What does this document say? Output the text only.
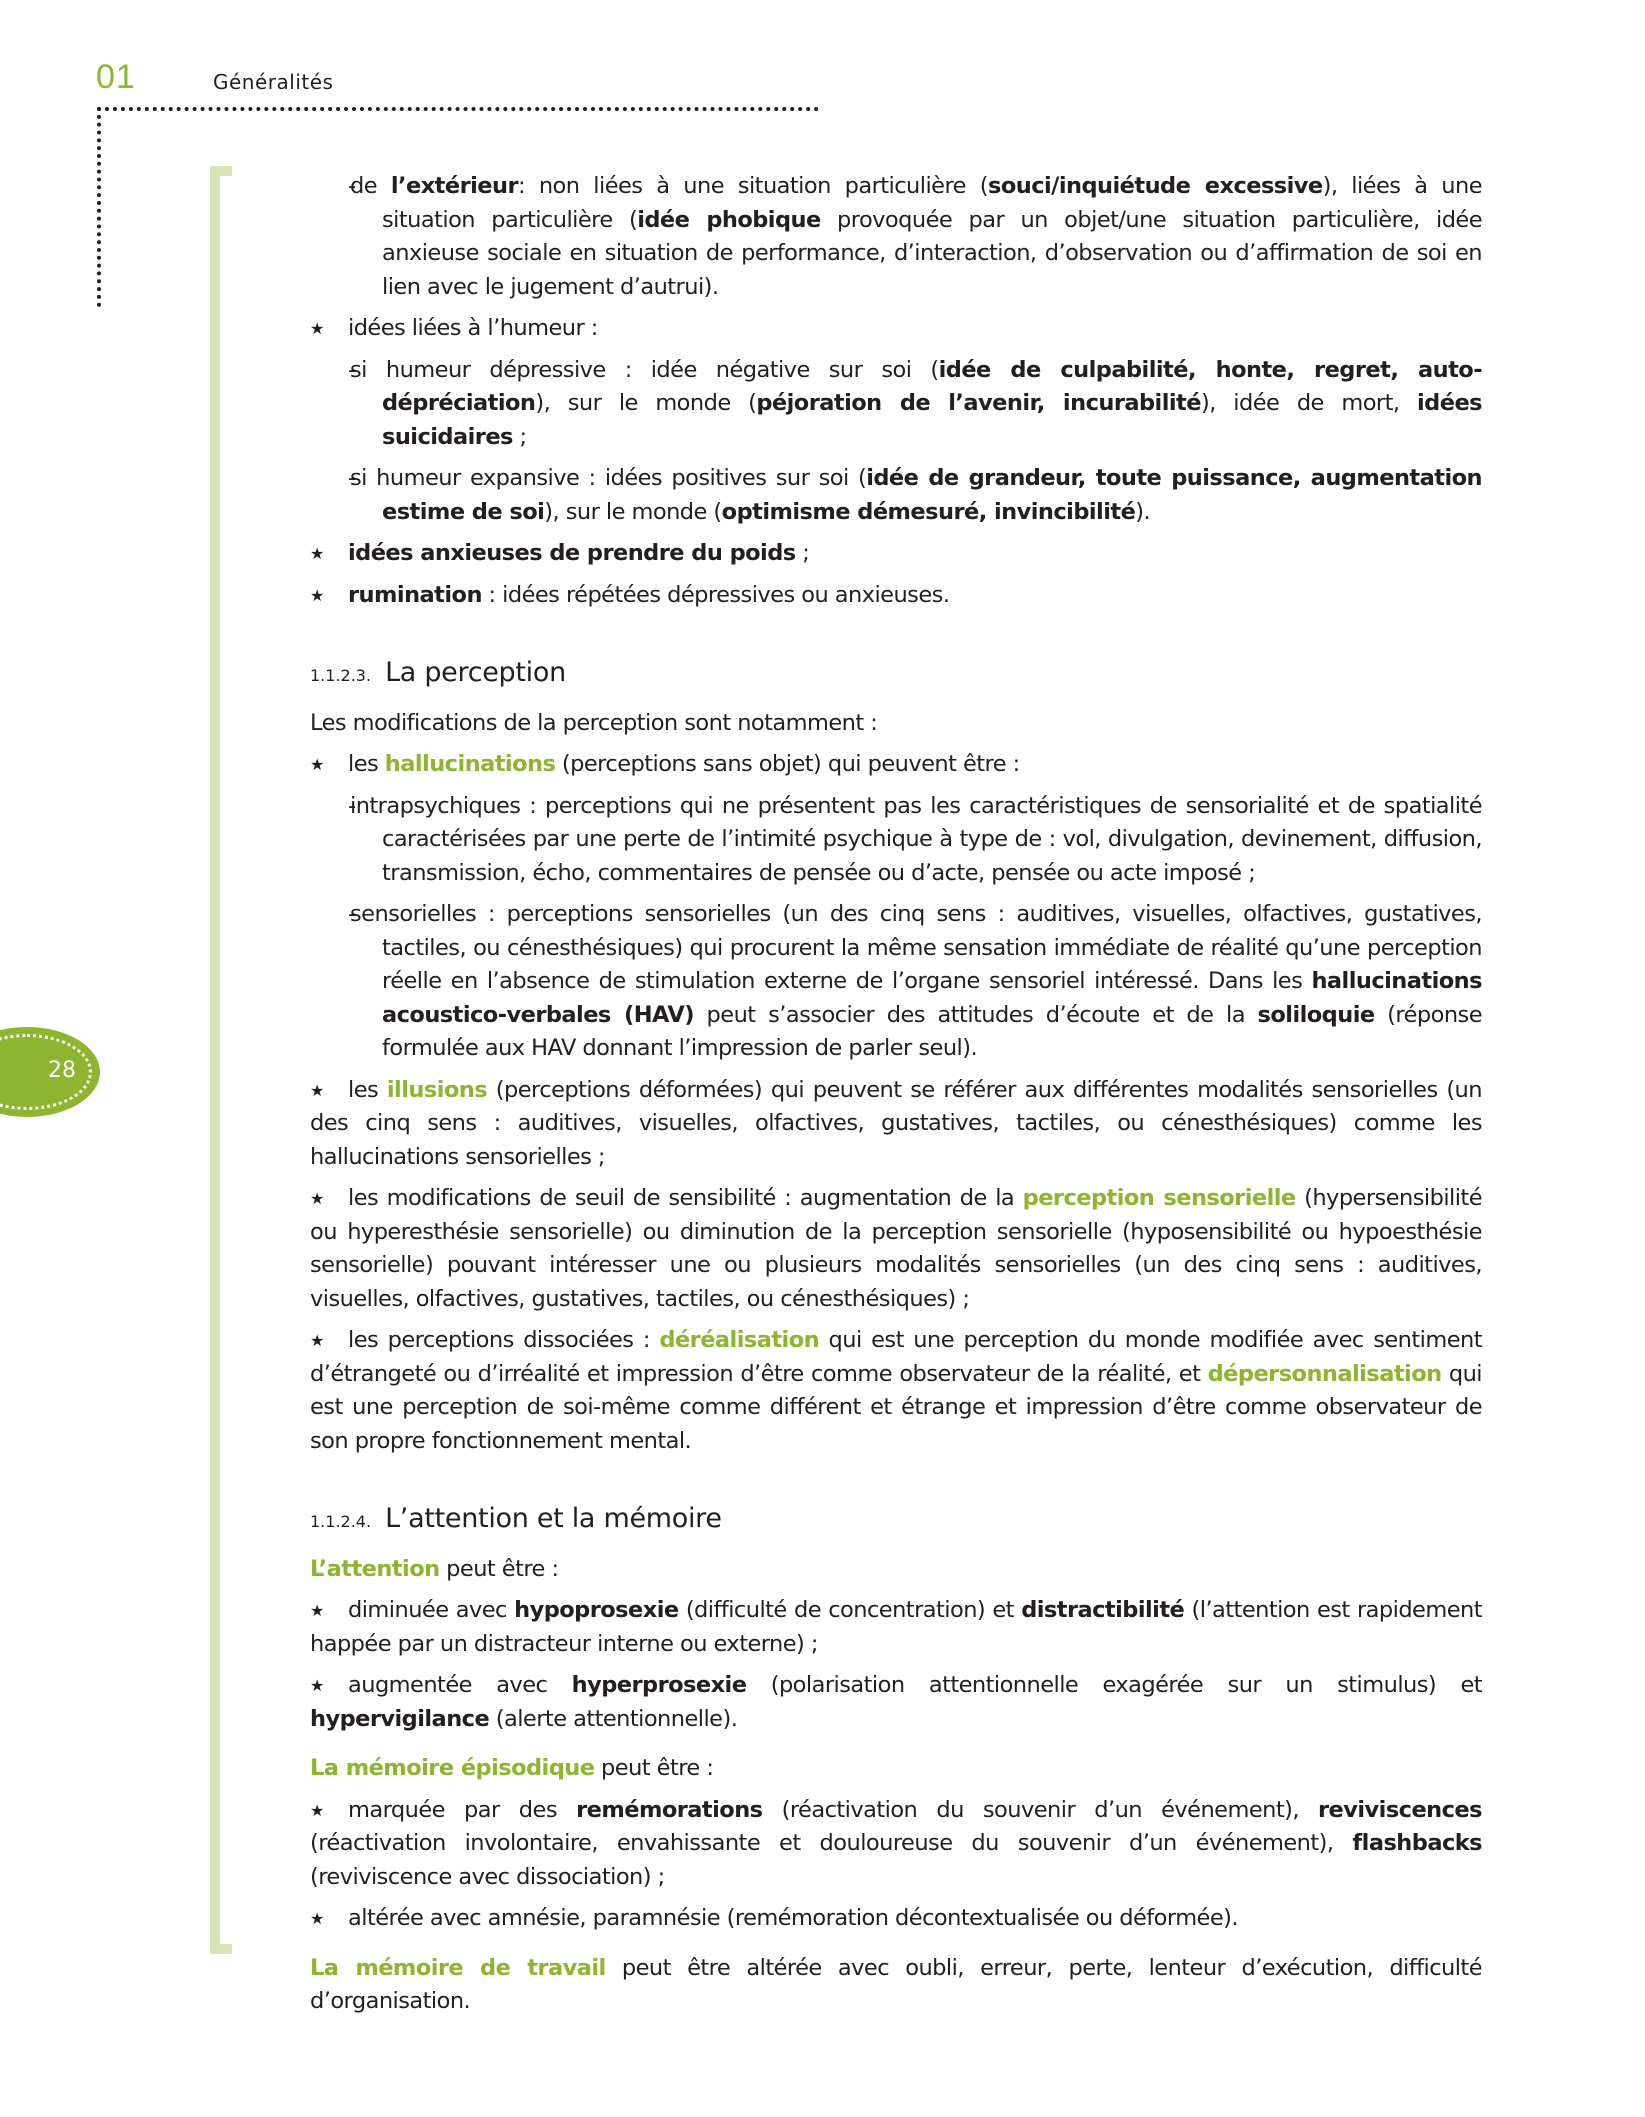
01	Généralités
28

- de l’extérieur: non liées à une situation particulière (souci/inquiétude excessive), liées à une situation particulière (idée phobique provoquée par un objet/une situation particulière, idée anxieuse sociale en situation de performance, d’interaction, d’observation ou d’affirmation de soi en lien avec le jugement d’autrui).

★ idées liées à l’humeur :

- si humeur dépressive : idée négative sur soi (idée de culpabilité, honte, regret, auto-dépréciation), sur le monde (péjoration de l’avenir, incurabilité), idée de mort, idées suicidaires ;

- si humeur expansive : idées positives sur soi (idée de grandeur, toute puissance, augmentation estime de soi), sur le monde (optimisme démesuré, invincibilité).

★ idées anxieuses de prendre du poids ;

★ rumination : idées répétées dépressives ou anxieuses.

1.1.2.3. La perception

Les modifications de la perception sont notamment :

★ les hallucinations (perceptions sans objet) qui peuvent être :

- intrapsychiques : perceptions qui ne présentent pas les caractéristiques de sensorialité et de spatialité caractérisées par une perte de l’intimité psychique à type de : vol, divulgation, devinement, diffusion, transmission, écho, commentaires de pensée ou d’acte, pensée ou acte imposé ;

- sensorielles : perceptions sensorielles (un des cinq sens : auditives, visuelles, olfactives, gustatives, tactiles, ou cénesthésiques) qui procurent la même sensation immédiate de réalité qu’une perception réelle en l’absence de stimulation externe de l’organe sensoriel intéressé. Dans les hallucinations acoustico-verbales (HAV) peut s’associer des attitudes d’écoute et de la soliloquie (réponse formulée aux HAV donnant l’impression de parler seul).

★ les illusions (perceptions déformées) qui peuvent se référer aux différentes modalités sensorielles (un des cinq sens : auditives, visuelles, olfactives, gustatives, tactiles, ou cénesthésiques) comme les hallucinations sensorielles ;

★ les modifications de seuil de sensibilité : augmentation de la perception sensorielle (hypersensibilité ou hyperesthésie sensorielle) ou diminution de la perception sensorielle (hyposensibilité ou hypoesthésie sensorielle) pouvant intéresser une ou plusieurs modalités sensorielles (un des cinq sens : auditives, visuelles, olfactives, gustatives, tactiles, ou cénesthésiques) ;

★ les perceptions dissociées : déréalisation qui est une perception du monde modifiée avec sentiment d’étrangeté ou d’irréalité et impression d’être comme observateur de la réalité, et dépersonnalisation qui est une perception de soi-même comme différent et étrange et impression d’être comme observateur de son propre fonctionnement mental.

1.1.2.4. L’attention et la mémoire

L’attention peut être :

★ diminuée avec hypoprosexie (difficulté de concentration) et distractibilité (l’attention est rapidement happée par un distracteur interne ou externe) ;

★ augmentée avec hyperprosexie (polarisation attentionnelle exagérée sur un stimulus) et hypervigilance (alerte attentionnelle).

La mémoire épisodique peut être :

★ marquée par des remémorations (réactivation du souvenir d’un événement), reviviscences (réactivation involontaire, envahissante et douloureuse du souvenir d’un événement), flashbacks (reviviscence avec dissociation) ;

★ altérée avec amnésie, paramnésie (remémoration décontextualisée ou déformée).

La mémoire de travail peut être altérée avec oubli, erreur, perte, lenteur d’exécution, difficulté d’organisation.
